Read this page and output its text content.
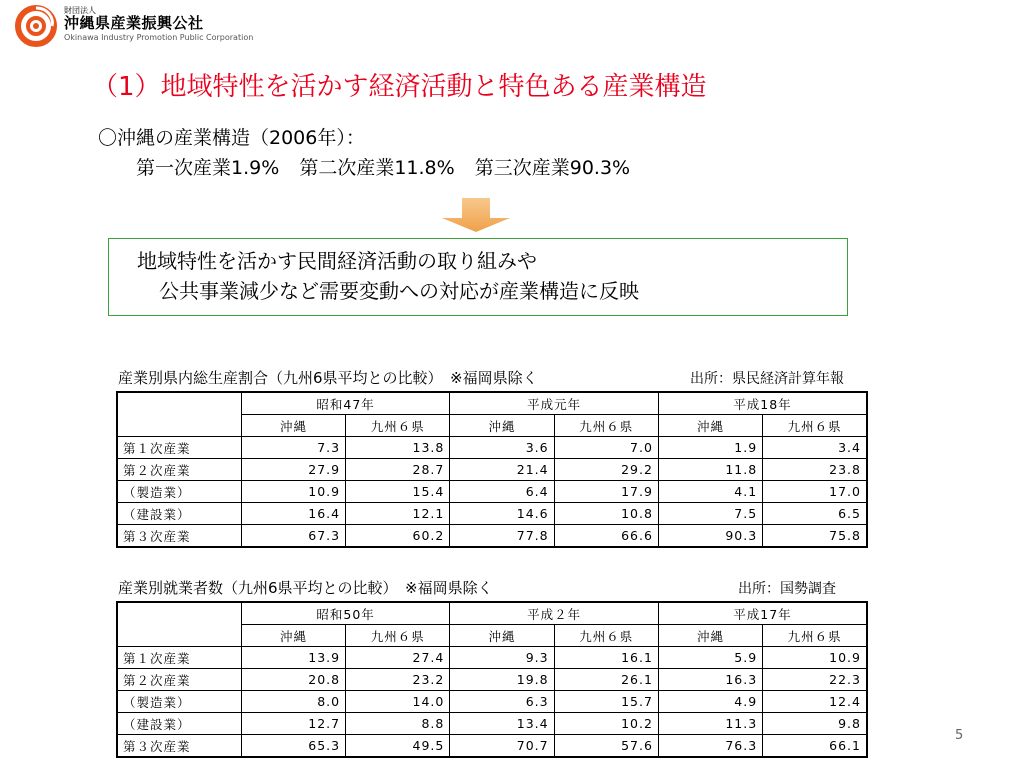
財団法人
沖縄県産業振興公社
Okinawa Industry Promotion Public Corporation
（1）地域特性を活かす経済活動と特色ある産業構造
〇沖縄の産業構造（2006年）：
第一次産業1.9% 第二次産業11.8% 第三次産業90.3%
地域特性を活かす民間経済活動の取り組みや
公共事業減少など需要変動への対応が産業構造に反映
産業別県内総生産割合（九州6県平均との比較）　※福岡県除く	出所：県民経済計算年報
	昭和47年		平成元年		平成18年	
	沖縄	九州６県	沖縄	九州６県	沖縄	九州６県
第１次産業	7.3	13.8	3.6	7.0	1.9	3.4
第２次産業	27.9	28.7	21.4	29.2	11.8	23.8
（製造業）	10.9	15.4	6.4	17.9	4.1	17.0
（建設業）	16.4	12.1	14.6	10.8	7.5	6.5
第３次産業	67.3	60.2	77.8	66.6	90.3	75.8
産業別就業者数（九州6県平均との比較）　※福岡県除く	出所：国勢調査
	昭和50年		平成２年		平成17年	
	沖縄	九州６県	沖縄	九州６県	沖縄	九州６県
第１次産業	13.9	27.4	9.3	16.1	5.9	10.9
第２次産業	20.8	23.2	19.8	26.1	16.3	22.3
（製造業）	8.0	14.0	6.3	15.7	4.9	12.4
（建設業）	12.7	8.8	13.4	10.2	11.3	9.8
第３次産業	65.3	49.5	70.7	57.6	76.3	66.1
5
